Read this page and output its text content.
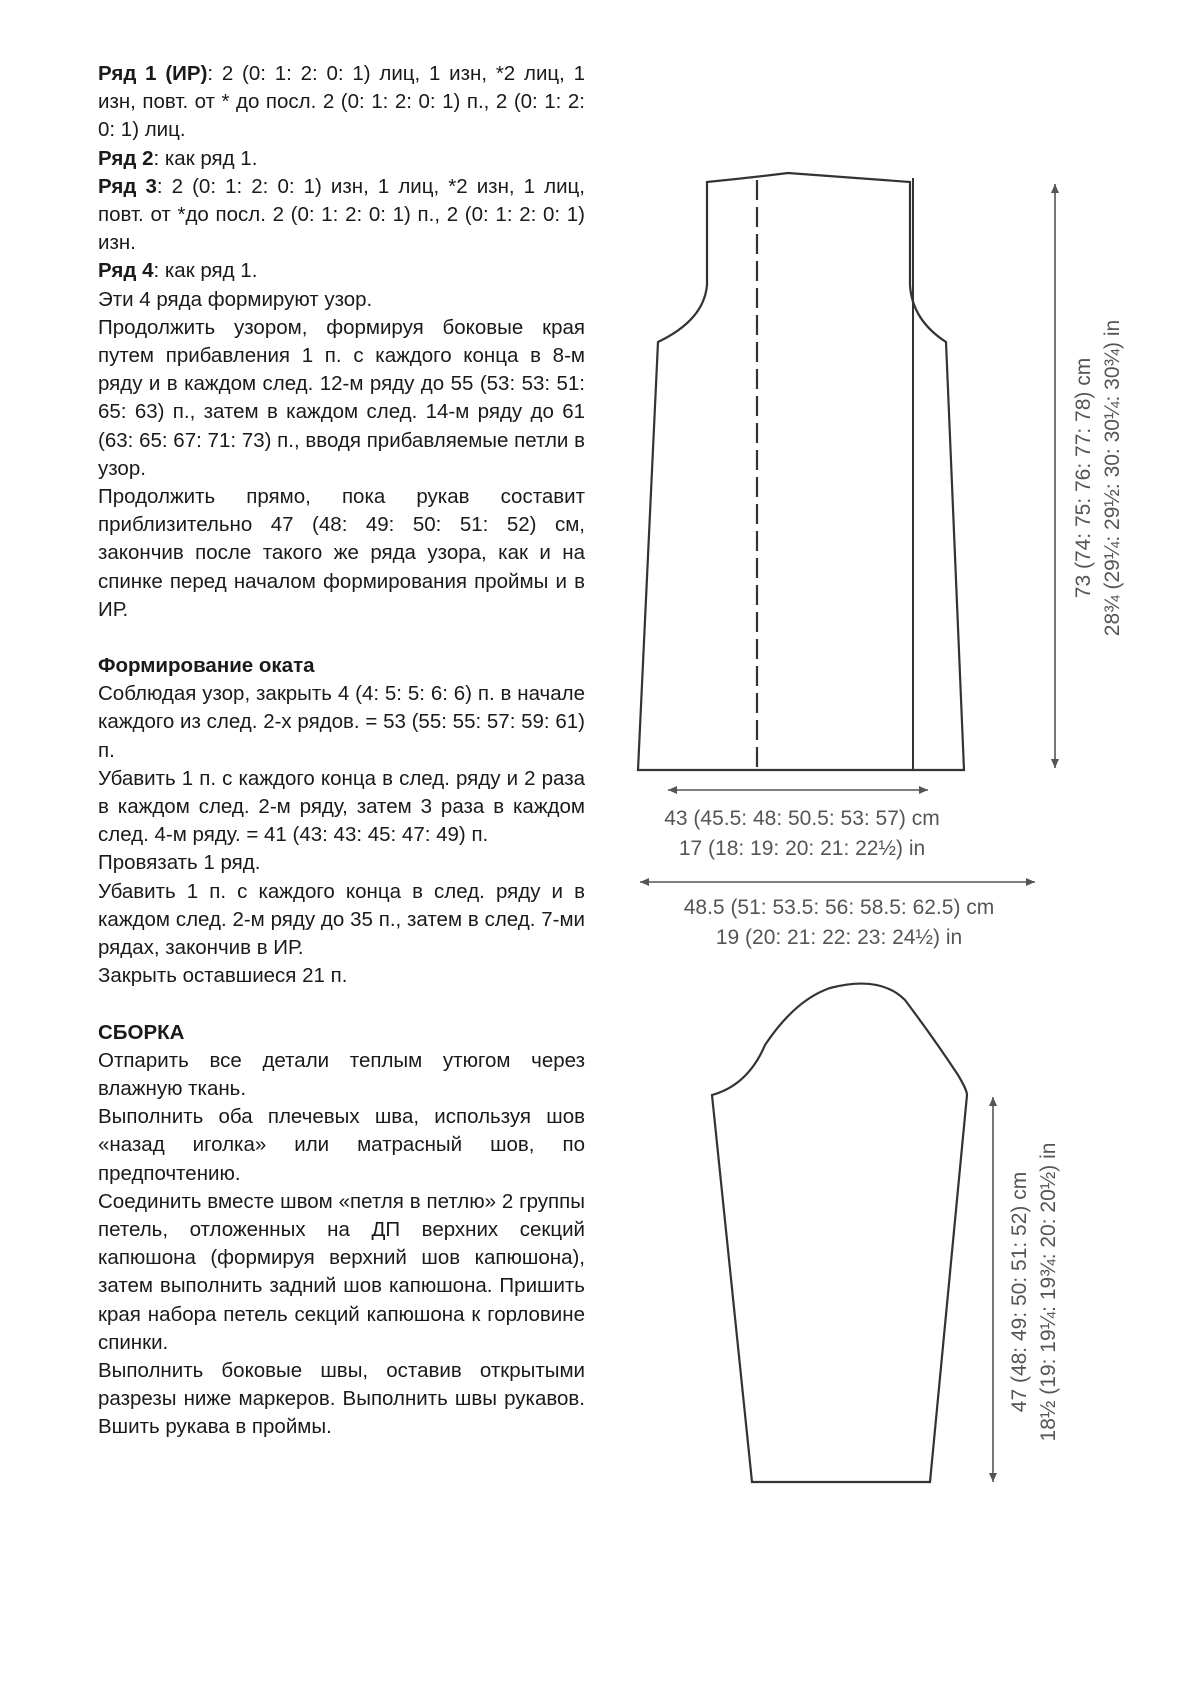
Ряд 1 (ИР): 2 (0: 1: 2: 0: 1) лиц, 1 изн, *2 лиц, 1 изн, повт. от * до посл. 2 (0: 1: 2: 0: 1) п., 2 (0: 1: 2: 0: 1) лиц.

Ряд 2: как ряд 1.

Ряд 3: 2 (0: 1: 2: 0: 1) изн, 1 лиц, *2 изн, 1 лиц, повт. от *до посл. 2 (0: 1: 2: 0: 1) п., 2 (0: 1: 2: 0: 1) изн.

Ряд 4: как ряд 1.

Эти 4 ряда формируют узор.

Продолжить узором, формируя боковые края путем прибавления 1 п. с каждого конца в 8-м ряду и в каждом след. 12-м ряду до 55 (53: 53: 51: 65: 63) п., затем в каждом след. 14-м ряду до 61 (63: 65: 67: 71: 73) п., вводя прибавляемые петли в узор.

Продолжить прямо, пока рукав составит приблизительно 47 (48: 49: 50: 51: 52) см, закончив после такого же ряда узора, как и на спинке перед началом формирования проймы и в ИР.

Формирование оката

Соблюдая узор, закрыть 4 (4: 5: 5: 6: 6) п. в начале каждого из след. 2-х рядов. = 53 (55: 55: 57: 59: 61) п.

Убавить 1 п. с каждого конца в след. ряду и 2 раза в каждом след. 2-м ряду, затем 3 раза в каждом след. 4-м ряду. = 41 (43: 43: 45: 47: 49) п.

Провязать 1 ряд.

Убавить 1 п. с каждого конца в след. ряду и в каждом след. 2-м ряду до 35 п., затем в след. 7-ми рядах, закончив в ИР.

Закрыть оставшиеся 21 п.

СБОРКА

Отпарить все детали теплым утюгом через влажную ткань.

Выполнить оба плечевых шва, используя шов «назад иголка» или матрасный шов, по предпочтению.

Соединить вместе швом «петля в петлю» 2 группы петель, отложенных на ДП верхних секций капюшона (формируя верхний шов капюшона), затем выполнить задний шов капюшона. Пришить края набора петель секций капюшона к горловине спинки.

Выполнить боковые швы, оставив открытыми разрезы ниже маркеров. Выполнить швы рукавов. Вшить рукава в проймы.

73 (74: 75: 76: 77: 78) cm 28¾ (29¼: 29½: 30: 30¼: 30¾) in
43 (45.5: 48: 50.5: 53: 57) cm
17 (18: 19: 20: 21: 22½) in
48.5 (51: 53.5: 56: 58.5: 62.5) cm
19 (20: 21: 22: 23: 24½) in
47 (48: 49: 50: 51: 52) cm 18½ (19: 19¼: 19¾: 20: 20½) in
